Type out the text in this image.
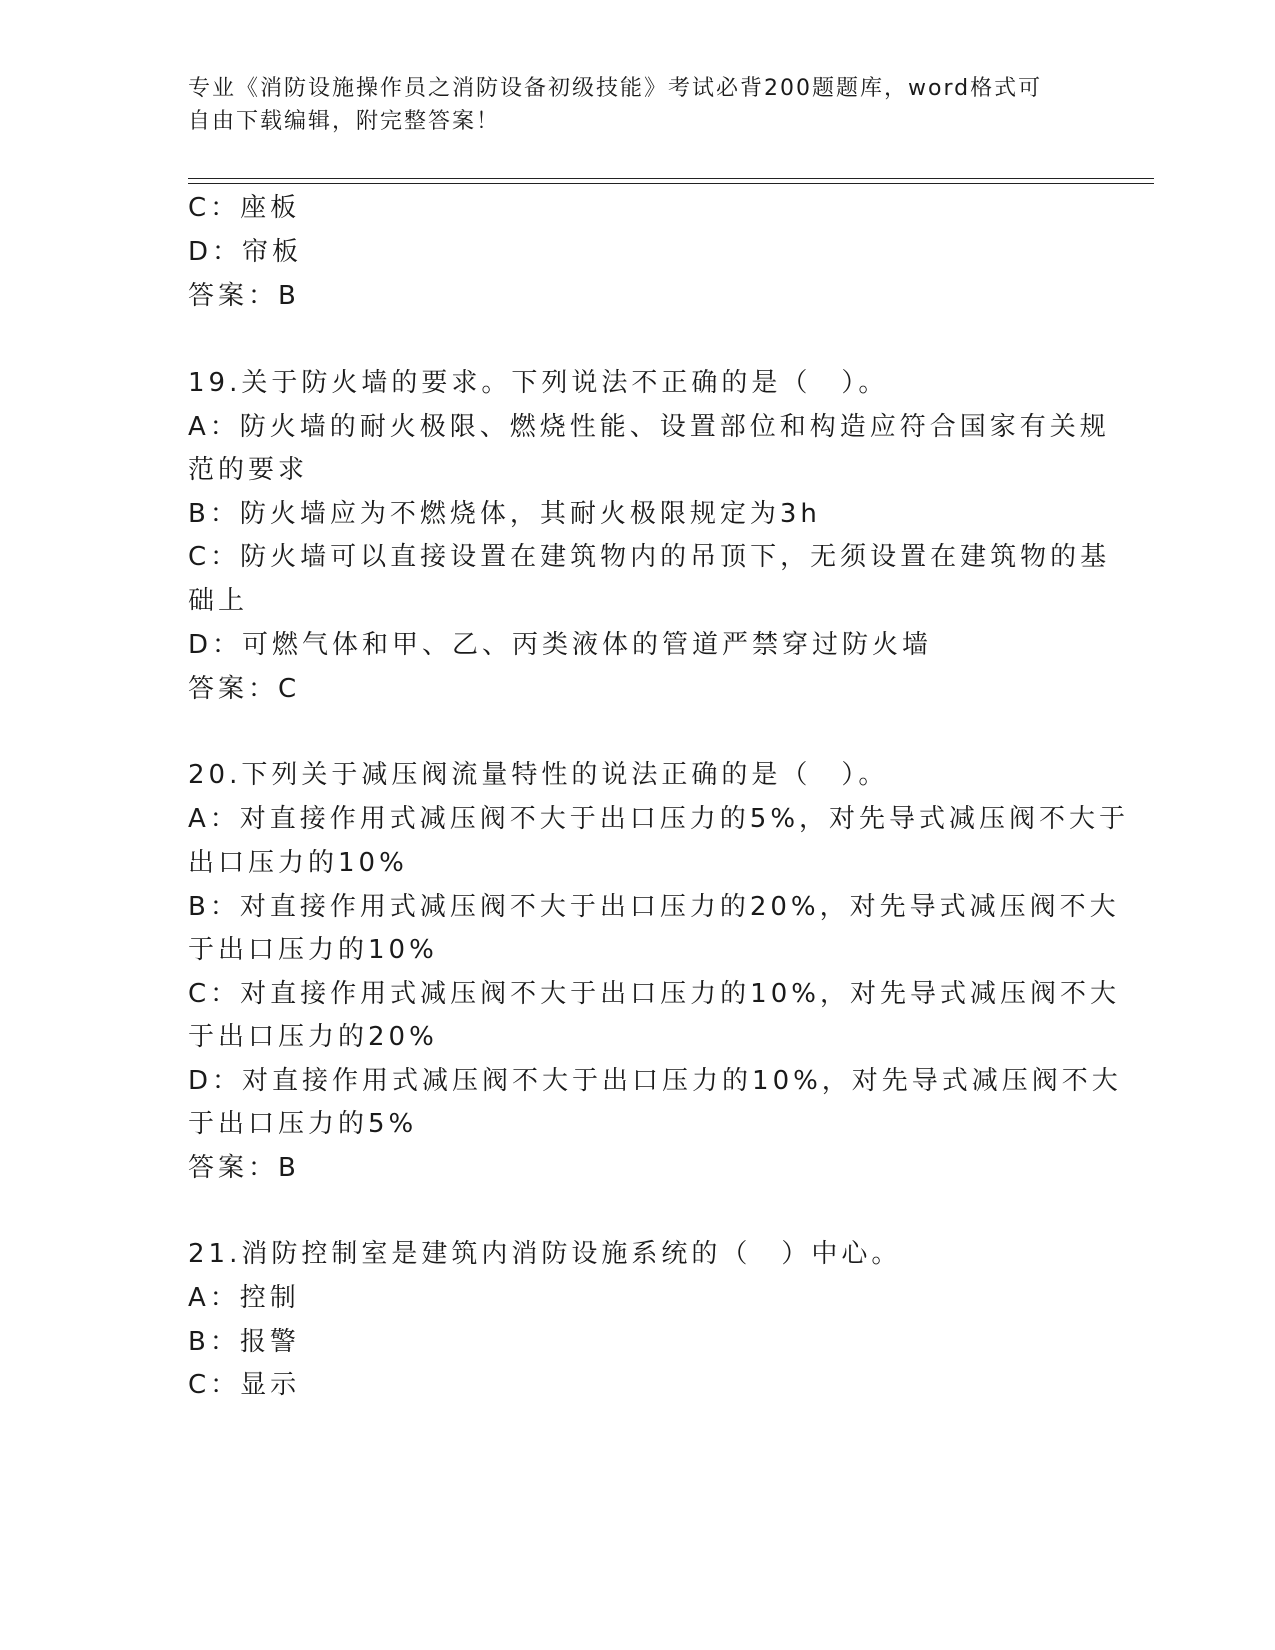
专业《消防设施操作员之消防设备初级技能》考试必背200题题库，word格式可
自由下载编辑，附完整答案！
C：座板
D：帘板
答案：B
19.关于防火墙的要求。下列说法不正确的是（　）。
A：防火墙的耐火极限、燃烧性能、设置部位和构造应符合国家有关规
范的要求
B：防火墙应为不燃烧体，其耐火极限规定为3h
C：防火墙可以直接设置在建筑物内的吊顶下，无须设置在建筑物的基
础上
D：可燃气体和甲、乙、丙类液体的管道严禁穿过防火墙
答案：C
20.下列关于减压阀流量特性的说法正确的是（　）。
A：对直接作用式减压阀不大于出口压力的5%，对先导式减压阀不大于
出口压力的10%
B：对直接作用式减压阀不大于出口压力的20%，对先导式减压阀不大
于出口压力的10%
C：对直接作用式减压阀不大于出口压力的10%，对先导式减压阀不大
于出口压力的20%
D：对直接作用式减压阀不大于出口压力的10%，对先导式减压阀不大
于出口压力的5%
答案：B
21.消防控制室是建筑内消防设施系统的（　）中心。
A：控制
B：报警
C：显示
